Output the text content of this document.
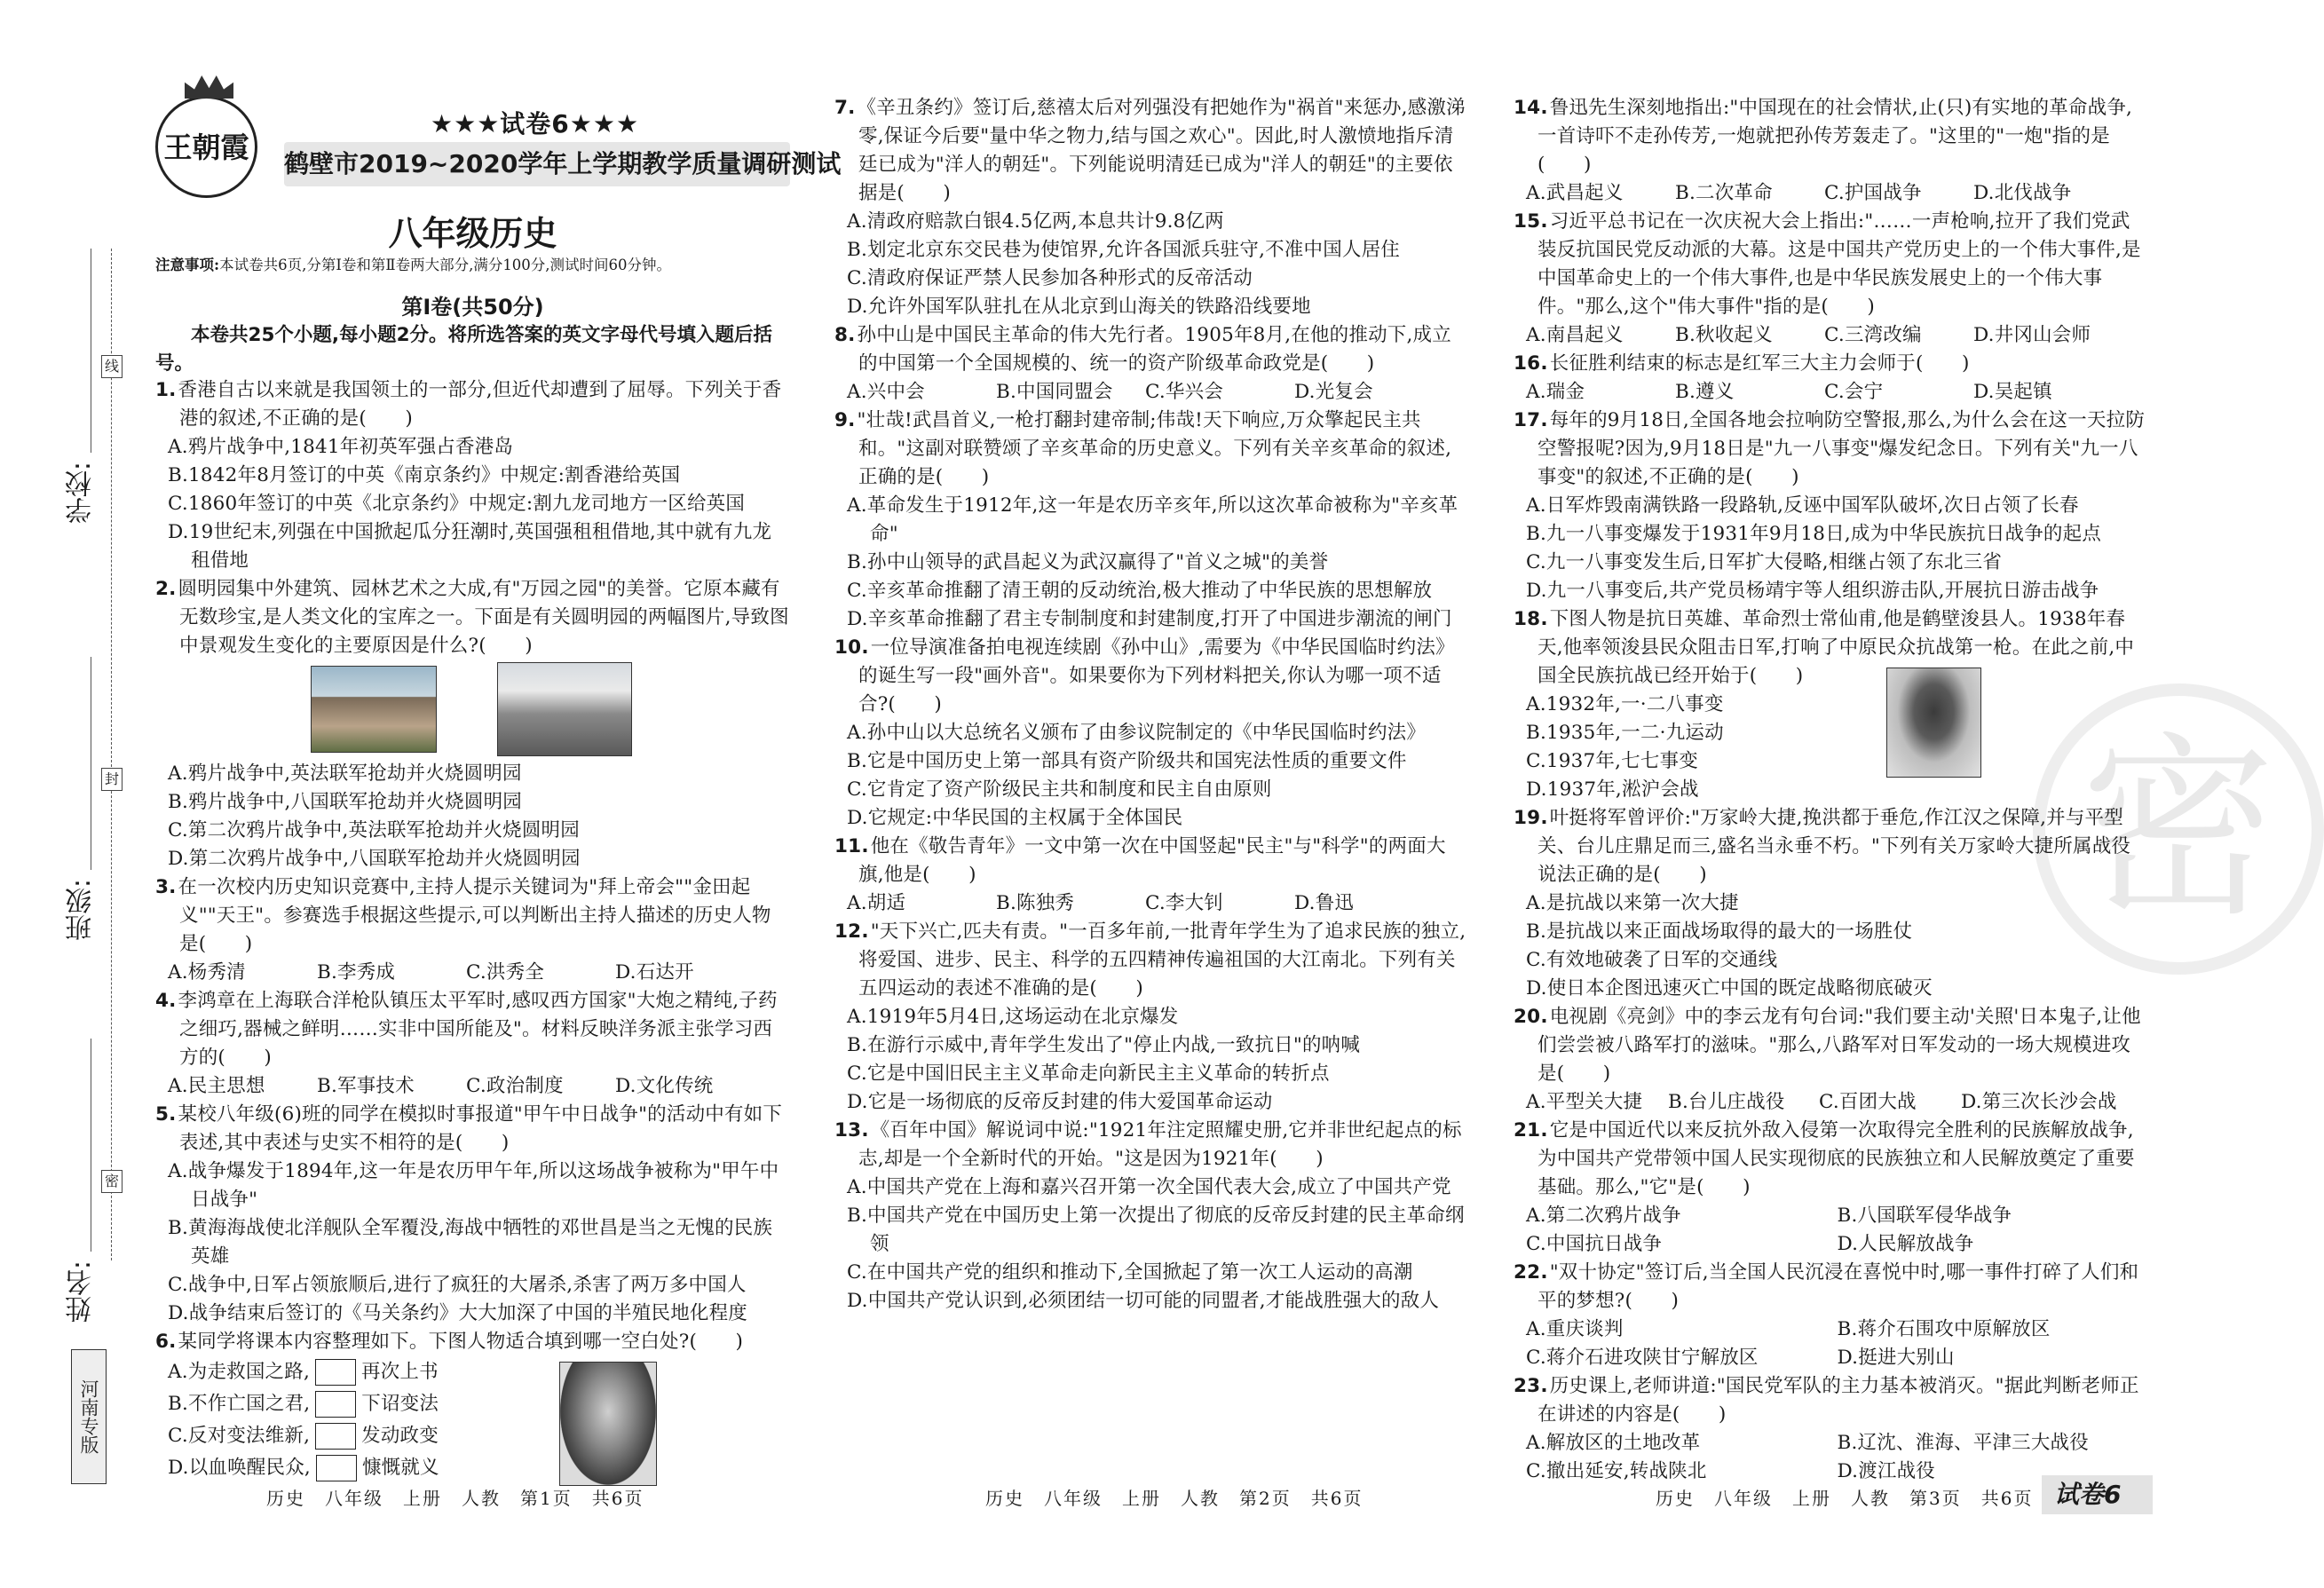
线
封
密
学校:
班级:
姓名:
河南专版
密
王朝霞
★★★试卷6★★★
鹤壁市2019~2020学年上学期教学质量调研测试
八年级历史
注意事项:本试卷共6页,分第Ⅰ卷和第Ⅱ卷两大部分,满分100分,测试时间60分钟。
第Ⅰ卷(共50分)
本卷共25个小题,每小题2分。将所选答案的英文字母代号填入题后括号。
1.香港自古以来就是我国领土的一部分,但近代却遭到了屈辱。下列关于香港的叙述,不正确的是(　　)
A.鸦片战争中,1841年初英军强占香港岛
B.1842年8月签订的中英《南京条约》中规定:割香港给英国
C.1860年签订的中英《北京条约》中规定:割九龙司地方一区给英国
D.19世纪末,列强在中国掀起瓜分狂潮时,英国强租租借地,其中就有九龙租借地
2.圆明园集中外建筑、园林艺术之大成,有"万园之园"的美誉。它原本藏有无数珍宝,是人类文化的宝库之一。下面是有关圆明园的两幅图片,导致图中景观发生变化的主要原因是什么?(　　)
A.鸦片战争中,英法联军抢劫并火烧圆明园
B.鸦片战争中,八国联军抢劫并火烧圆明园
C.第二次鸦片战争中,英法联军抢劫并火烧圆明园
D.第二次鸦片战争中,八国联军抢劫并火烧圆明园
3.在一次校内历史知识竞赛中,主持人提示关键词为"拜上帝会""金田起义""天王"。参赛选手根据这些提示,可以判断出主持人描述的历史人物是(　　)
A.杨秀清	B.李秀成	C.洪秀全	D.石达开
4.李鸿章在上海联合洋枪队镇压太平军时,感叹西方国家"大炮之精纯,子药之细巧,器械之鲜明……实非中国所能及"。材料反映洋务派主张学习西方的(　　)
A.民主思想	B.军事技术	C.政治制度	D.文化传统
5.某校八年级(6)班的同学在模拟时事报道"甲午中日战争"的活动中有如下表述,其中表述与史实不相符的是(　　)
A.战争爆发于1894年,这一年是农历甲午年,所以这场战争被称为"甲午中日战争"
B.黄海海战使北洋舰队全军覆没,海战中牺牲的邓世昌是当之无愧的民族英雄
C.战争中,日军占领旅顺后,进行了疯狂的大屠杀,杀害了两万多中国人
D.战争结束后签订的《马关条约》大大加深了中国的半殖民地化程度
6.某同学将课本内容整理如下。下图人物适合填到哪一空白处?(　　)
A.为走救国之路,	再次上书
B.不作亡国之君,	下诏变法
C.反对变法维新,	发动政变
D.以血唤醒民众,	慷慨就义
历史　八年级　上册　人教　第1页　共6页
7.《辛丑条约》签订后,慈禧太后对列强没有把她作为"祸首"来惩办,感激涕零,保证今后要"量中华之物力,结与国之欢心"。因此,时人激愤地指斥清廷已成为"洋人的朝廷"。下列能说明清廷已成为"洋人的朝廷"的主要依据是(　　)
A.清政府赔款白银4.5亿两,本息共计9.8亿两
B.划定北京东交民巷为使馆界,允许各国派兵驻守,不准中国人居住
C.清政府保证严禁人民参加各种形式的反帝活动
D.允许外国军队驻扎在从北京到山海关的铁路沿线要地
8.孙中山是中国民主革命的伟大先行者。1905年8月,在他的推动下,成立的中国第一个全国规模的、统一的资产阶级革命政党是(　　)
A.兴中会	B.中国同盟会	C.华兴会	D.光复会
9."壮哉!武昌首义,一枪打翻封建帝制;伟哉!天下响应,万众擎起民主共和。"这副对联赞颂了辛亥革命的历史意义。下列有关辛亥革命的叙述,正确的是(　　)
A.革命发生于1912年,这一年是农历辛亥年,所以这次革命被称为"辛亥革命"
B.孙中山领导的武昌起义为武汉赢得了"首义之城"的美誉
C.辛亥革命推翻了清王朝的反动统治,极大推动了中华民族的思想解放
D.辛亥革命推翻了君主专制制度和封建制度,打开了中国进步潮流的闸门
10.一位导演准备拍电视连续剧《孙中山》,需要为《中华民国临时约法》的诞生写一段"画外音"。如果要你为下列材料把关,你认为哪一项不适合?(　　)
A.孙中山以大总统名义颁布了由参议院制定的《中华民国临时约法》
B.它是中国历史上第一部具有资产阶级共和国宪法性质的重要文件
C.它肯定了资产阶级民主共和制度和民主自由原则
D.它规定:中华民国的主权属于全体国民
11.他在《敬告青年》一文中第一次在中国竖起"民主"与"科学"的两面大旗,他是(　　)
A.胡适	B.陈独秀	C.李大钊	D.鲁迅
12."天下兴亡,匹夫有责。"一百多年前,一批青年学生为了追求民族的独立,将爱国、进步、民主、科学的五四精神传遍祖国的大江南北。下列有关五四运动的表述不准确的是(　　)
A.1919年5月4日,这场运动在北京爆发
B.在游行示威中,青年学生发出了"停止内战,一致抗日"的呐喊
C.它是中国旧民主主义革命走向新民主主义革命的转折点
D.它是一场彻底的反帝反封建的伟大爱国革命运动
13.《百年中国》解说词中说:"1921年注定照耀史册,它并非世纪起点的标志,却是一个全新时代的开始。"这是因为1921年(　　)
A.中国共产党在上海和嘉兴召开第一次全国代表大会,成立了中国共产党
B.中国共产党在中国历史上第一次提出了彻底的反帝反封建的民主革命纲领
C.在中国共产党的组织和推动下,全国掀起了第一次工人运动的高潮
D.中国共产党认识到,必须团结一切可能的同盟者,才能战胜强大的敌人
历史　八年级　上册　人教　第2页　共6页
14.鲁迅先生深刻地指出:"中国现在的社会情状,止(只)有实地的革命战争,一首诗吓不走孙传芳,一炮就把孙传芳轰走了。"这里的"一炮"指的是(　　)
A.武昌起义	B.二次革命	C.护国战争	D.北伐战争
15.习近平总书记在一次庆祝大会上指出:"……一声枪响,拉开了我们党武装反抗国民党反动派的大幕。这是中国共产党历史上的一个伟大事件,是中国革命史上的一个伟大事件,也是中华民族发展史上的一个伟大事件。"那么,这个"伟大事件"指的是(　　)
A.南昌起义	B.秋收起义	C.三湾改编	D.井冈山会师
16.长征胜利结束的标志是红军三大主力会师于(　　)
A.瑞金	B.遵义	C.会宁	D.吴起镇
17.每年的9月18日,全国各地会拉响防空警报,那么,为什么会在这一天拉防空警报呢?因为,9月18日是"九一八事变"爆发纪念日。下列有关"九一八事变"的叙述,不正确的是(　　)
A.日军炸毁南满铁路一段路轨,反诬中国军队破坏,次日占领了长春
B.九一八事变爆发于1931年9月18日,成为中华民族抗日战争的起点
C.九一八事变发生后,日军扩大侵略,相继占领了东北三省
D.九一八事变后,共产党员杨靖宇等人组织游击队,开展抗日游击战争
18.下图人物是抗日英雄、革命烈士常仙甫,他是鹤壁浚县人。1938年春天,他率领浚县民众阻击日军,打响了中原民众抗战第一枪。在此之前,中国全民族抗战已经开始于(　　)
A.1932年,一·二八事变
B.1935年,一二·九运动
C.1937年,七七事变
D.1937年,淞沪会战
19.叶挺将军曾评价:"万家岭大捷,挽洪都于垂危,作江汉之保障,并与平型关、台儿庄鼎足而三,盛名当永垂不朽。"下列有关万家岭大捷所属战役说法正确的是(　　)
A.是抗战以来第一次大捷
B.是抗战以来正面战场取得的最大的一场胜仗
C.有效地破袭了日军的交通线
D.使日本企图迅速灭亡中国的既定战略彻底破灭
20.电视剧《亮剑》中的李云龙有句台词:"我们要主动'关照'日本鬼子,让他们尝尝被八路军打的滋味。"那么,八路军对日军发动的一场大规模进攻是(　　)
A.平型关大捷	B.台儿庄战役	C.百团大战	D.第三次长沙会战
21.它是中国近代以来反抗外敌入侵第一次取得完全胜利的民族解放战争,为中国共产党带领中国人民实现彻底的民族独立和人民解放奠定了重要基础。那么,"它"是(　　)
A.第二次鸦片战争	B.八国联军侵华战争
C.中国抗日战争	D.人民解放战争
22."双十协定"签订后,当全国人民沉浸在喜悦中时,哪一事件打碎了人们和平的梦想?(　　)
A.重庆谈判	B.蒋介石围攻中原解放区
C.蒋介石进攻陕甘宁解放区	D.挺进大别山
23.历史课上,老师讲道:"国民党军队的主力基本被消灭。"据此判断老师正在讲述的内容是(　　)
A.解放区的土地改革	B.辽沈、淮海、平津三大战役
C.撤出延安,转战陕北	D.渡江战役
历史　八年级　上册　人教　第3页　共6页 试卷6
